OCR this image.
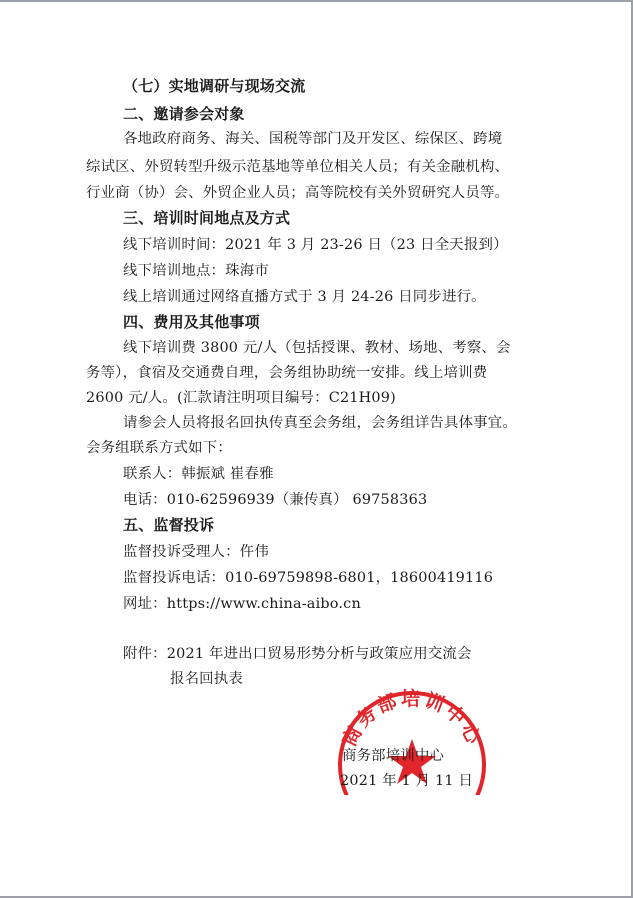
（七）实地调研与现场交流
二、邀请参会对象
各地政府商务、海关、国税等部门及开发区、综保区、跨境
综试区、外贸转型升级示范基地等单位相关人员；有关金融机构、
行业商（协）会、外贸企业人员；高等院校有关外贸研究人员等。
三、培训时间地点及方式
线下培训时间：2021 年 3 月 23-26 日（23 日全天报到）
线下培训地点：珠海市
线上培训通过网络直播方式于 3 月 24-26 日同步进行。
四、费用及其他事项
线下培训费 3800 元/人（包括授课、教材、场地、考察、会
务等），食宿及交通费自理，会务组协助统一安排。线上培训费
2600 元/人。(汇款请注明项目编号：C21H09)
请参会人员将报名回执传真至会务组，会务组详告具体事宜。
会务组联系方式如下：
联系人：韩振斌 崔春雅
电话：010-62596939（兼传真） 69758363
五、监督投诉
监督投诉受理人：仵伟
监督投诉电话：010-69759898-6801，18600419116
网址：https://www.china-aibo.cn
附件：2021 年进出口贸易形势分析与政策应用交流会
报名回执表
商务部培训中心
商务部培训中心
2021 年 1 月 11 日
